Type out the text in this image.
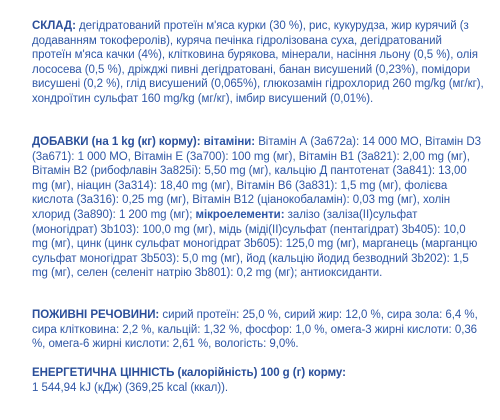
СКЛАД: дегідратований протеїн м'яса курки (30 %), рис, кукурудза, жир курячий (з додаванням токоферолів), куряча печінка гідролізована суха, дегідратований протеїн м'яса качки (4%), клітковина бурякова, мінерали, насіння льону (0,5 %), олія лососева (0,5 %), дріжджі пивні дегідратовані, банан висушений (0,23%), помідори висушені (0,2 %), глід висушений (0,065%), глюкозамін гідрохлорид 260 mg/kg (мг/кг), хондроїтин сульфат 160 mg/kg (мг/кг), імбир висушений (0,01%).
ДОБАВКИ (на 1 kg (кг) корму): вітаміни: Вітамін А (3a672a): 14 000 МО, Вітамін D3 (3a671): 1 000 МО, Вітамін Е (3a700): 100 mg (мг), Вітамін В1 (3a821): 2,00 mg (мг), Вітамін В2 (рибофлавін 3a825i): 5,50 mg (мг), кальцію Д пантотенат (3a841): 13,00 mg (мг), ніацин (3a314): 18,40 mg (мг), Вітамін В6 (3a831): 1,5 mg (мг), фолієва кислота (3a316): 0,25 mg (мг), Вітамін В12 (ціанокобаламін): 0,03 mg (мг), холін хлорид (3a890): 1 200 mg (мг); мікроелементи: залізо (заліза(II)сульфат (моногідрат) 3b103): 100,0 mg (мг), мідь (міді(II)сульфат (пентагідрат) 3b405): 10,0 mg (мг), цинк (цинк сульфат моногідрат 3b605): 125,0 mg (мг), марганець (марганцю сульфат моногідрат 3b503): 5,0 mg (мг), йод (кальцію йодид безводний 3b202): 1,5 mg (мг), селен (селеніт натрію 3b801): 0,2 mg (мг); антиоксиданти.
ПОЖИВНІ РЕЧОВИНИ: сирий протеїн: 25,0 %, сирий жир: 12,0 %, сира зола: 6,4 %, сира клітковина: 2,2 %, кальцій: 1,32 %, фосфор: 1,0 %, омега-3 жирні кислоти: 0,36 %, омега-6 жирні кислоти: 2,61 %, вологість: 9,0%.
ЕНЕРГЕТИЧНА ЦІННІСТЬ (калорійність) 100 g (г) корму:
1 544,94 kJ (кДж) (369,25 kcal (ккал)).
